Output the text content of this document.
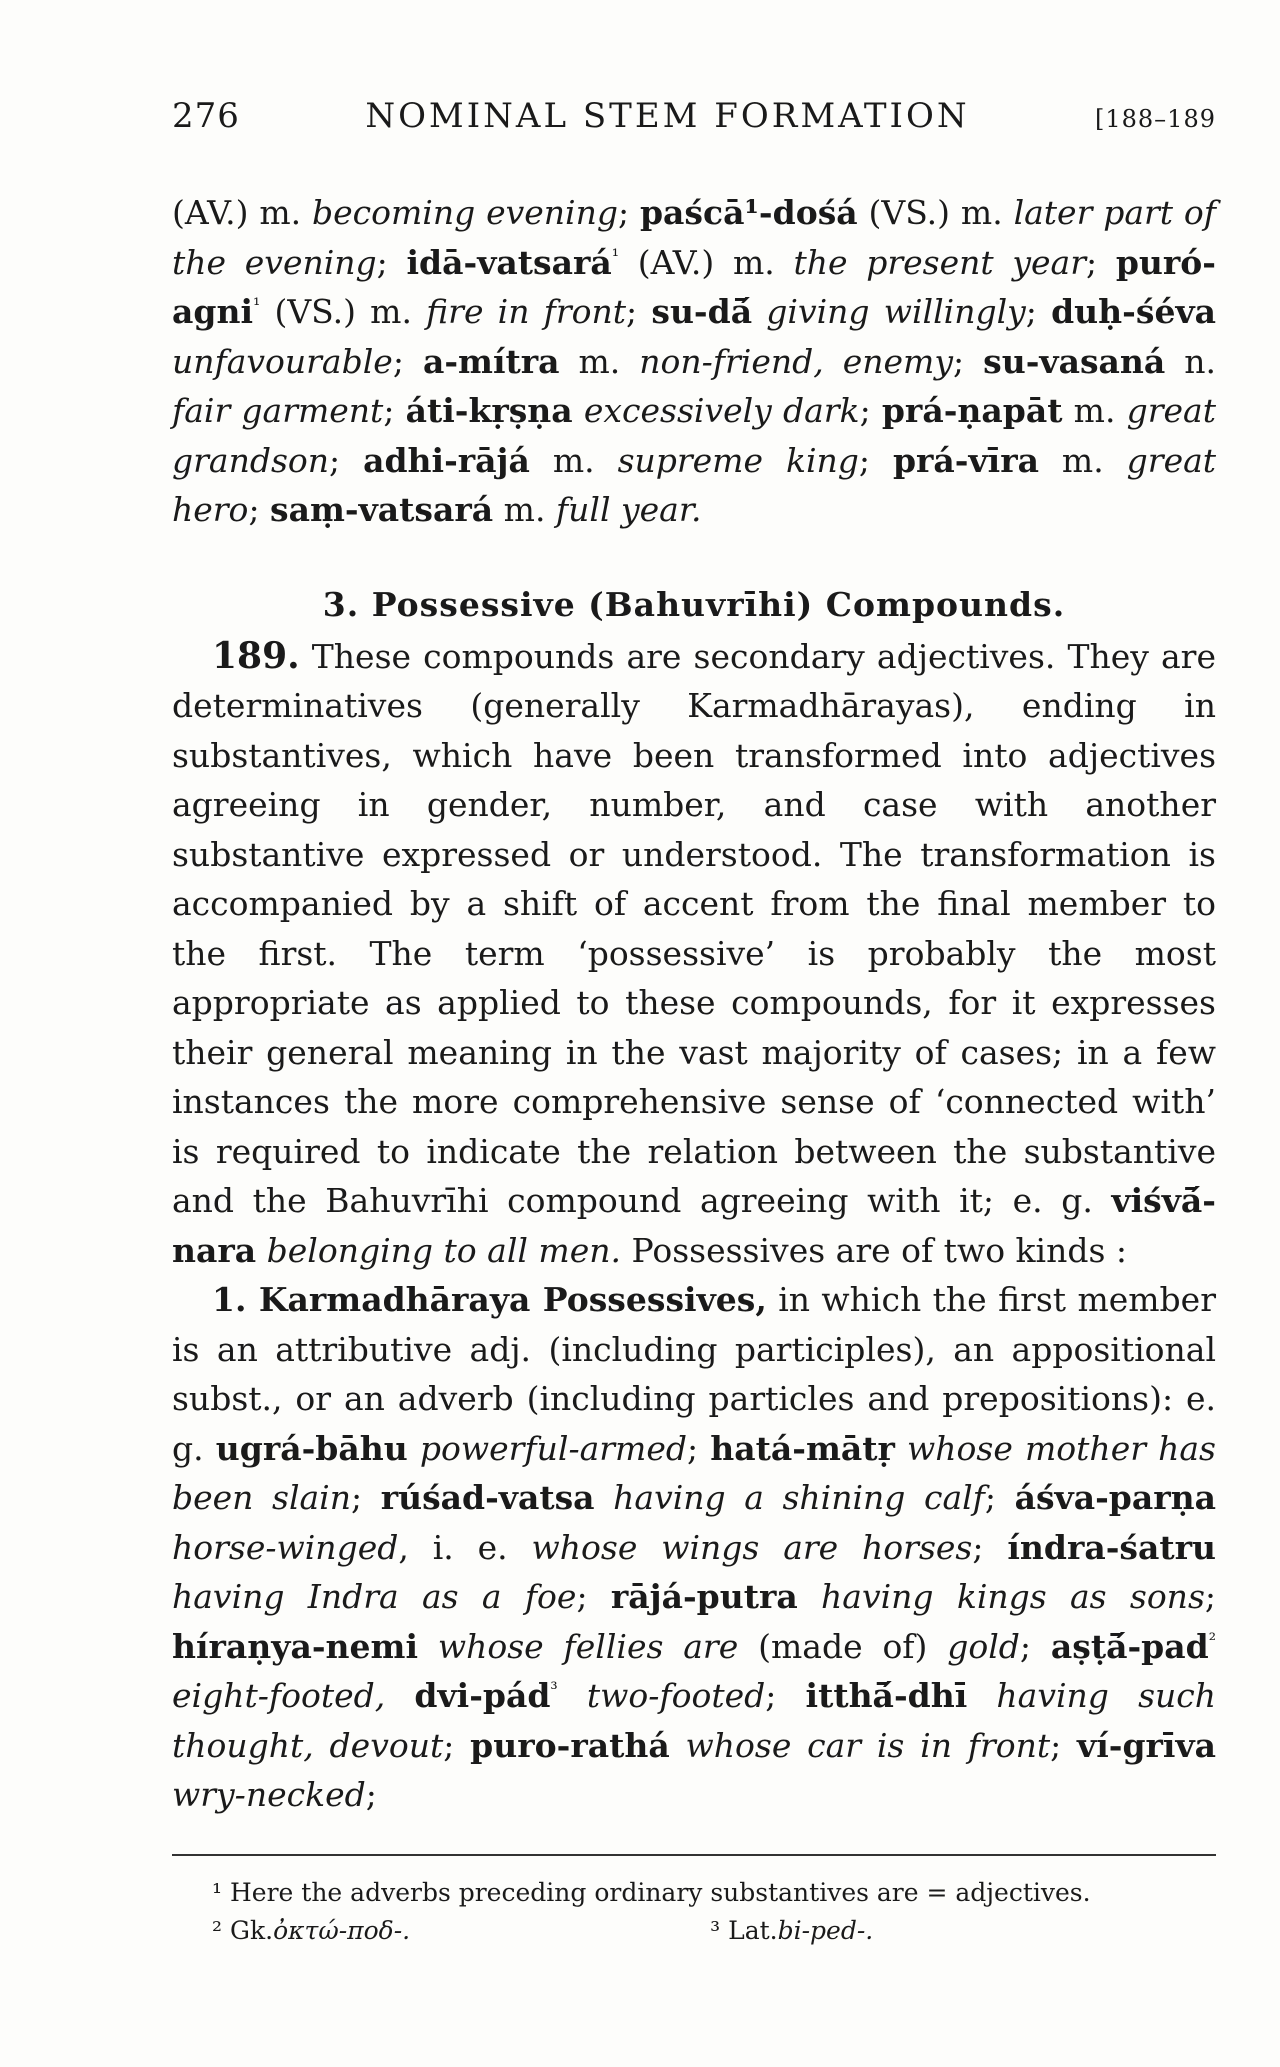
276	NOMINAL STEM FORMATION	[188–189

(AV.) m. becoming evening; paścā¹-dośá (VS.) m. later part of the evening; idā-vatsará$^{^1}$ (AV.) m. the present year; puró-agni$^{^1}$ (VS.) m. fire in front; su-dā́ giving willingly; duḥ-śéva unfavourable; a-mítra m. non-friend, enemy; su-vasaná n. fair garment; áti-kṛṣṇa excessively dark; prá-ṇapāt m. great grandson; adhi-rājá m. supreme king; prá-vīra m. great hero; saṃ-vatsará m. full year.

3. Possessive (Bahuvrīhi) Compounds.

189. These compounds are secondary adjectives. They are determinatives (generally Karmadhārayas), ending in substantives, which have been transformed into adjectives agreeing in gender, number, and case with another substantive expressed or understood. The transformation is accompanied by a shift of accent from the final member to the first. The term ‘possessive’ is probably the most appropriate as applied to these compounds, for it expresses their general meaning in the vast majority of cases; in a few instances the more comprehensive sense of ‘connected with’ is required to indicate the relation between the substantive and the Bahuvrīhi compound agreeing with it; e. g. viśvā́-nara belonging to all men. Possessives are of two kinds :

1. Karmadhāraya Possessives, in which the first member is an attributive adj. (including participles), an appositional subst., or an adverb (including particles and prepositions): e. g. ugrá-bāhu powerful-armed; hatá-mātṛ whose mother has been slain; rúśad-vatsa having a shining calf; áśva-parṇa horse-winged, i. e. whose wings are horses; índra-śatru having Indra as a foe; rājá-putra having kings as sons; híraṇya-nemi whose fellies are (made of) gold; aṣṭā́-pad$^{^2}$ eight-footed, dvi-pád$^{^3}$ two-footed; itthā́-dhī having such thought, devout; puro-rathá whose car is in front; ví-grīva wry-necked;

¹
Here the adverbs preceding ordinary substantives are = adjectives.
²
Gk. ὀκτώ-ποδ-.	³
Lat. bi-ped-.
